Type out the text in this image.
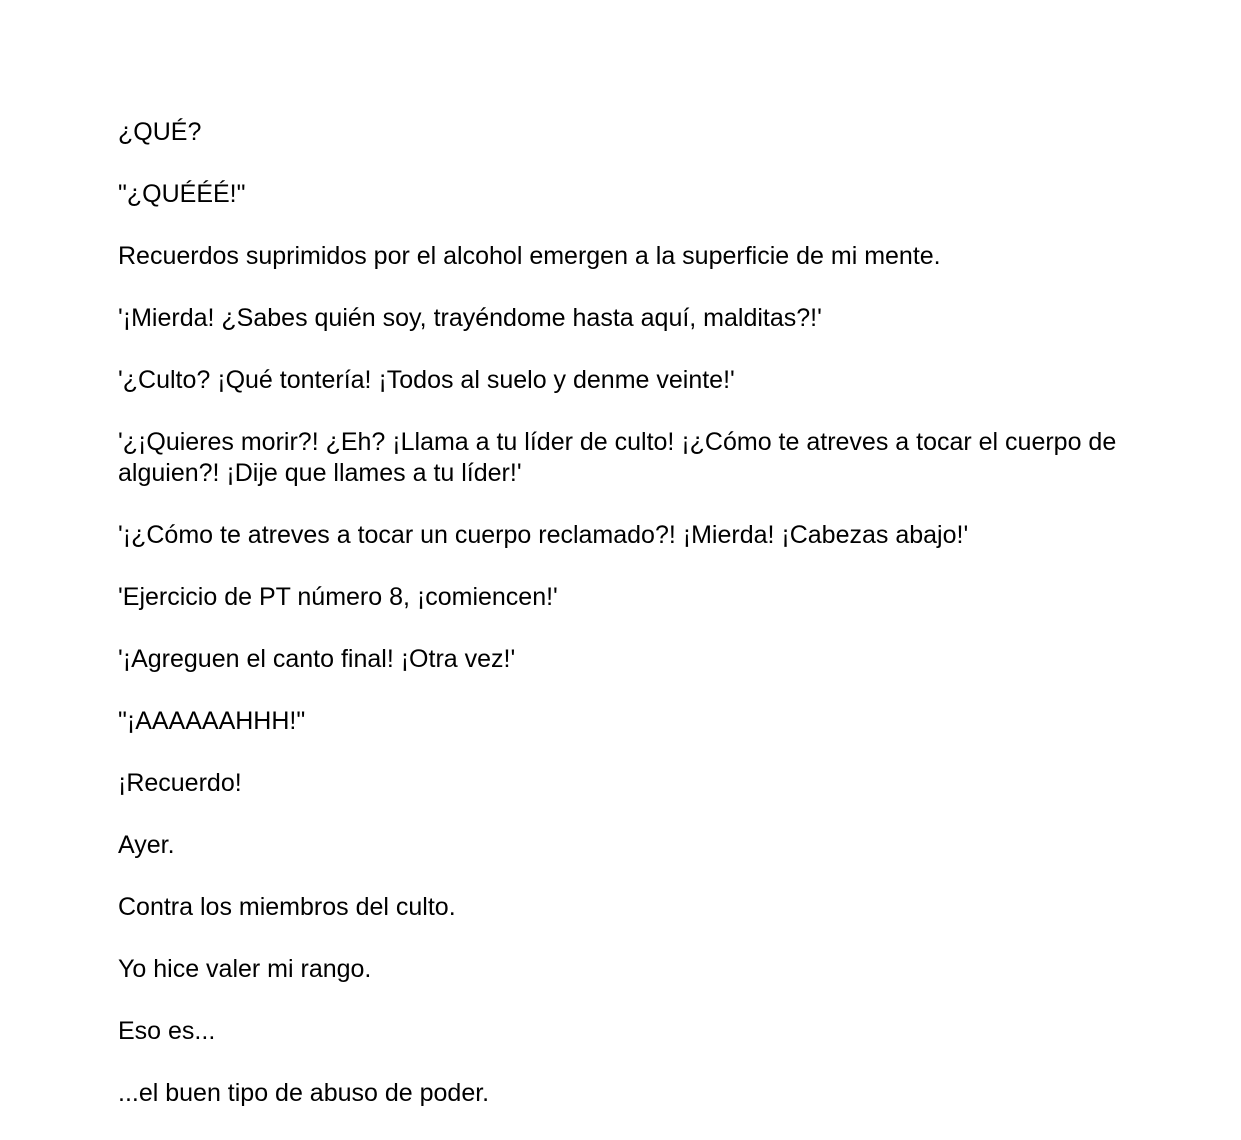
¿QUÉ?

"¿QUÉÉÉ!"

Recuerdos suprimidos por el alcohol emergen a la superficie de mi mente.

'¡Mierda! ¿Sabes quién soy, trayéndome hasta aquí, malditas?!'

'¿Culto? ¡Qué tontería! ¡Todos al suelo y denme veinte!'

'¿¡Quieres morir?! ¿Eh? ¡Llama a tu líder de culto! ¡¿Cómo te atreves a tocar el cuerpo de alguien?! ¡Dije que llames a tu líder!'

'¡¿Cómo te atreves a tocar un cuerpo reclamado?! ¡Mierda! ¡Cabezas abajo!'

'Ejercicio de PT número 8, ¡comiencen!'

'¡Agreguen el canto final! ¡Otra vez!'

"¡AAAAAAHHH!"

¡Recuerdo!

Ayer.

Contra los miembros del culto.

Yo hice valer mi rango.

Eso es...

...el buen tipo de abuso de poder.
